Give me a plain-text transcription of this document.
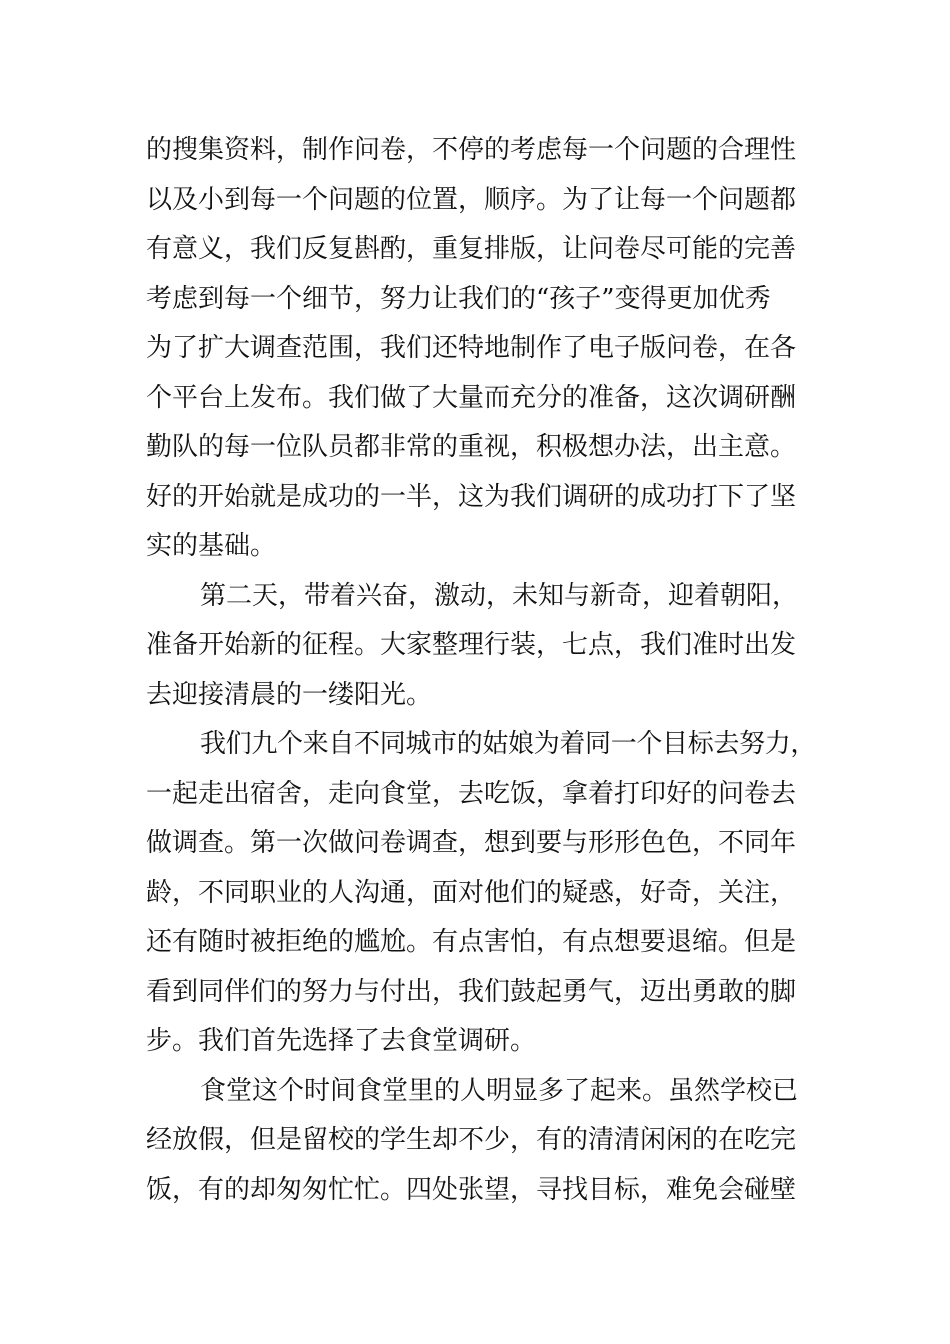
的搜集资料，制作问卷，不停的考虑每一个问题的合理性
以及小到每一个问题的位置，顺序。为了让每一个问题都
有意义，我们反复斟酌，重复排版，让问卷尽可能的完善
考虑到每一个细节，努力让我们的“孩子”变得更加优秀
为了扩大调查范围，我们还特地制作了电子版问卷，在各
个平台上发布。我们做了大量而充分的准备，这次调研酬
勤队的每一位队员都非常的重视，积极想办法，出主意。
好的开始就是成功的一半，这为我们调研的成功打下了坚
实的基础。
第二天，带着兴奋，激动，未知与新奇，迎着朝阳，
准备开始新的征程。大家整理行装，七点，我们准时出发
去迎接清晨的一缕阳光。
我们九个来自不同城市的姑娘为着同一个目标去努力，
一起走出宿舍，走向食堂，去吃饭，拿着打印好的问卷去
做调查。第一次做问卷调查，想到要与形形色色，不同年
龄，不同职业的人沟通，面对他们的疑惑，好奇，关注，
还有随时被拒绝的尴尬。有点害怕，有点想要退缩。但是
看到同伴们的努力与付出，我们鼓起勇气，迈出勇敢的脚
步。我们首先选择了去食堂调研。
食堂这个时间食堂里的人明显多了起来。虽然学校已
经放假，但是留校的学生却不少，有的清清闲闲的在吃完
饭，有的却匆匆忙忙。四处张望，寻找目标，难免会碰壁
